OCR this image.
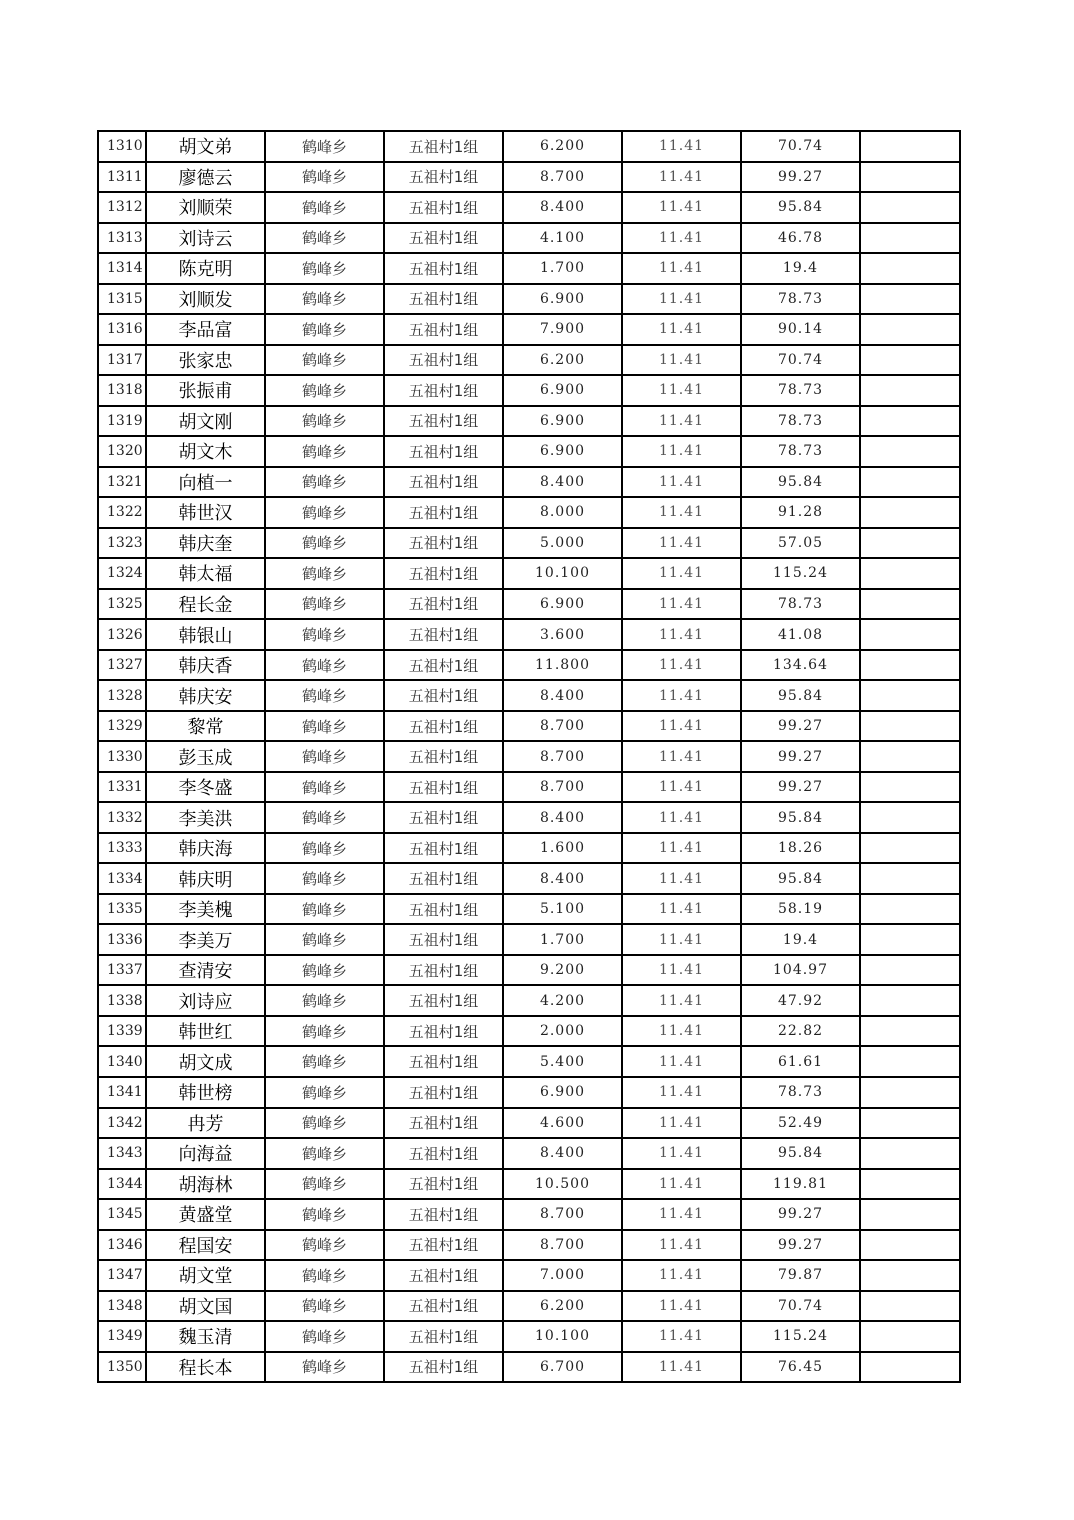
1310	胡文弟	鹤峰乡	五祖村1组	6.200	11.41	70.74	
1311	廖德云	鹤峰乡	五祖村1组	8.700	11.41	99.27	
1312	刘顺荣	鹤峰乡	五祖村1组	8.400	11.41	95.84	
1313	刘诗云	鹤峰乡	五祖村1组	4.100	11.41	46.78	
1314	陈克明	鹤峰乡	五祖村1组	1.700	11.41	19.4	
1315	刘顺发	鹤峰乡	五祖村1组	6.900	11.41	78.73	
1316	李品富	鹤峰乡	五祖村1组	7.900	11.41	90.14	
1317	张家忠	鹤峰乡	五祖村1组	6.200	11.41	70.74	
1318	张振甫	鹤峰乡	五祖村1组	6.900	11.41	78.73	
1319	胡文刚	鹤峰乡	五祖村1组	6.900	11.41	78.73	
1320	胡文木	鹤峰乡	五祖村1组	6.900	11.41	78.73	
1321	向植一	鹤峰乡	五祖村1组	8.400	11.41	95.84	
1322	韩世汉	鹤峰乡	五祖村1组	8.000	11.41	91.28	
1323	韩庆奎	鹤峰乡	五祖村1组	5.000	11.41	57.05	
1324	韩太福	鹤峰乡	五祖村1组	10.100	11.41	115.24	
1325	程长金	鹤峰乡	五祖村1组	6.900	11.41	78.73	
1326	韩银山	鹤峰乡	五祖村1组	3.600	11.41	41.08	
1327	韩庆香	鹤峰乡	五祖村1组	11.800	11.41	134.64	
1328	韩庆安	鹤峰乡	五祖村1组	8.400	11.41	95.84	
1329	黎常	鹤峰乡	五祖村1组	8.700	11.41	99.27	
1330	彭玉成	鹤峰乡	五祖村1组	8.700	11.41	99.27	
1331	李冬盛	鹤峰乡	五祖村1组	8.700	11.41	99.27	
1332	李美洪	鹤峰乡	五祖村1组	8.400	11.41	95.84	
1333	韩庆海	鹤峰乡	五祖村1组	1.600	11.41	18.26	
1334	韩庆明	鹤峰乡	五祖村1组	8.400	11.41	95.84	
1335	李美槐	鹤峰乡	五祖村1组	5.100	11.41	58.19	
1336	李美万	鹤峰乡	五祖村1组	1.700	11.41	19.4	
1337	查清安	鹤峰乡	五祖村1组	9.200	11.41	104.97	
1338	刘诗应	鹤峰乡	五祖村1组	4.200	11.41	47.92	
1339	韩世红	鹤峰乡	五祖村1组	2.000	11.41	22.82	
1340	胡文成	鹤峰乡	五祖村1组	5.400	11.41	61.61	
1341	韩世榜	鹤峰乡	五祖村1组	6.900	11.41	78.73	
1342	冉芳	鹤峰乡	五祖村1组	4.600	11.41	52.49	
1343	向海益	鹤峰乡	五祖村1组	8.400	11.41	95.84	
1344	胡海林	鹤峰乡	五祖村1组	10.500	11.41	119.81	
1345	黄盛堂	鹤峰乡	五祖村1组	8.700	11.41	99.27	
1346	程国安	鹤峰乡	五祖村1组	8.700	11.41	99.27	
1347	胡文堂	鹤峰乡	五祖村1组	7.000	11.41	79.87	
1348	胡文国	鹤峰乡	五祖村1组	6.200	11.41	70.74	
1349	魏玉清	鹤峰乡	五祖村1组	10.100	11.41	115.24	
1350	程长本	鹤峰乡	五祖村1组	6.700	11.41	76.45	
